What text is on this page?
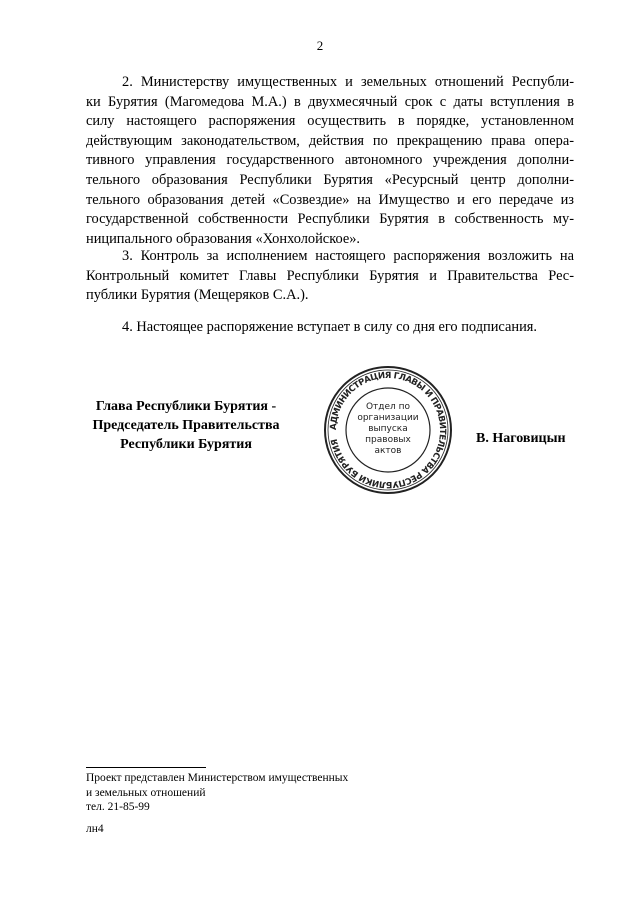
2
2. Министерству имущественных и земельных отношений Республи-
ки Бурятия (Магомедова М.А.) в двухмесячный срок с даты вступления в
силу настоящего распоряжения осуществить в порядке, установленном
действующим законодательством, действия по прекращению права опера-
тивного управления государственного автономного учреждения дополни-
тельного образования Республики Бурятия «Ресурсный центр дополни-
тельного образования детей «Созвездие» на Имущество и его передаче из
государственной собственности Республики Бурятия в собственность му-
ниципального образования «Хонхолойское».
3. Контроль за исполнением настоящего распоряжения возложить на
Контрольный комитет Главы Республики Бурятия и Правительства Рес-
публики Бурятия (Мещеряков С.А.).
4. Настоящее распоряжение вступает в силу со дня его подписания.
Глава Республики Бурятия -
Председатель Правительства
Республики Бурятия
АДМИНИСТРАЦИЯ ГЛАВЫ И ПРАВИТЕЛЬСТВА РЕСПУБЛИКИ БУРЯТИЯ
Отдел по
организации
выпуска
правовых
актов
В. Наговицын
Проект представлен Министерством имущественных
и земельных отношений
тел. 21-85-99
лн4
